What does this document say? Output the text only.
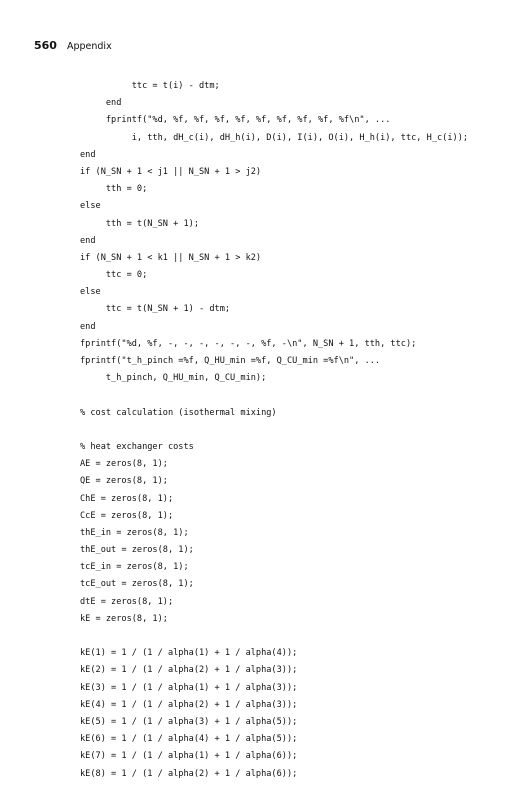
560 Appendix
ttc = t(i) - dtm;
end
fprintf("%d, %f, %f, %f, %f, %f, %f, %f, %f, %f\n", ...
i, tth, dH_c(i), dH_h(i), D(i), I(i), O(i), H_h(i), ttc, H_c(i));
end
if (N_SN + 1 < j1 || N_SN + 1 > j2)
tth = 0;
else
tth = t(N_SN + 1);
end
if (N_SN + 1 < k1 || N_SN + 1 > k2)
ttc = 0;
else
ttc = t(N_SN + 1) - dtm;
end
fprintf("%d, %f, -, -, -, -, -, -, %f, -\n", N_SN + 1, tth, ttc);
fprintf("t_h_pinch =%f, Q_HU_min =%f, Q_CU_min =%f\n", ...
t_h_pinch, Q_HU_min, Q_CU_min);
% cost calculation (isothermal mixing)
% heat exchanger costs
AE = zeros(8, 1);
QE = zeros(8, 1);
ChE = zeros(8, 1);
CcE = zeros(8, 1);
thE_in = zeros(8, 1);
thE_out = zeros(8, 1);
tcE_in = zeros(8, 1);
tcE_out = zeros(8, 1);
dtE = zeros(8, 1);
kE = zeros(8, 1);
kE(1) = 1 / (1 / alpha(1) + 1 / alpha(4));
kE(2) = 1 / (1 / alpha(2) + 1 / alpha(3));
kE(3) = 1 / (1 / alpha(1) + 1 / alpha(3));
kE(4) = 1 / (1 / alpha(2) + 1 / alpha(3));
kE(5) = 1 / (1 / alpha(3) + 1 / alpha(5));
kE(6) = 1 / (1 / alpha(4) + 1 / alpha(5));
kE(7) = 1 / (1 / alpha(1) + 1 / alpha(6));
kE(8) = 1 / (1 / alpha(2) + 1 / alpha(6));
